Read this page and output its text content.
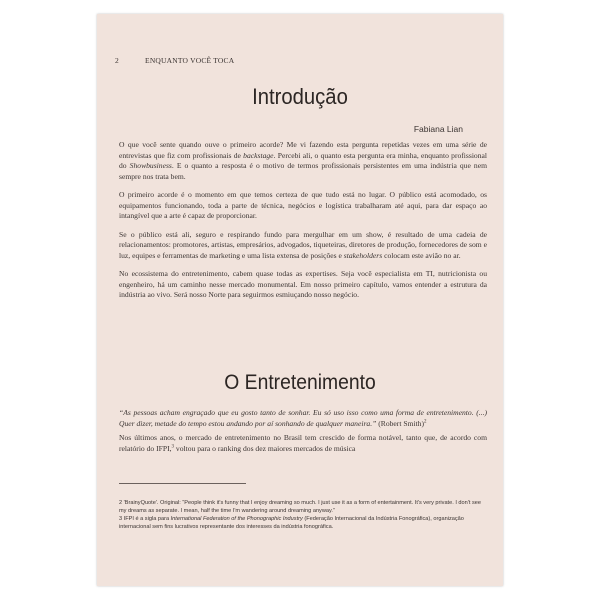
2	ENQUANTO VOCÊ TOCA
Introdução
Fabiana Lian

O que você sente quando ouve o primeiro acorde? Me vi fazendo esta pergunta repetidas vezes em uma série de entrevistas que fiz com profissionais de backstage. Percebi ali, o quanto esta pergunta era minha, enquanto profissional do Showbusiness. E o quanto a resposta é o motivo de termos profissionais persistentes em uma indústria que nem sempre nos trata bem.

O primeiro acorde é o momento em que temos certeza de que tudo está no lugar. O público está acomodado, os equipamentos funcionando, toda a parte de técnica, negócios e logística trabalharam até aqui, para dar espaço ao intangível que a arte é capaz de proporcionar.

Se o público está ali, seguro e respirando fundo para mergulhar em um show, é resultado de uma cadeia de relacionamentos: promotores, artistas, empresários, advogados, tiqueteiras, diretores de produção, fornecedores de som e luz, equipes e ferramentas de marketing e uma lista extensa de posições e stakeholders colocam este avião no ar.

No ecossistema do entretenimento, cabem quase todas as expertises. Seja você especialista em TI, nutricionista ou engenheiro, há um caminho nesse mercado monumental. Em nosso primeiro capítulo, vamos entender a estrutura da indústria ao vivo. Será nosso Norte para seguirmos esmiuçando nosso negócio.

O Entretenimento

“As pessoas acham engraçado que eu gosto tanto de sonhar. Eu só uso isso como uma forma de entretenimento. (...) Quer dizer, metade do tempo estou andando por aí sonhando de qualquer maneira.” (Robert Smith)$^2$

Nos últimos anos, o mercado de entretenimento no Brasil tem crescido de forma notável, tanto que, de acordo com relatório do IFPI,$^3$ voltou para o ranking dos dez maiores mercados de música

2 'BrainyQuote'. Original: “People think it's funny that I enjoy dreaming so much. I just use it as a form of entertainment. It's very private. I don't see my dreams as separate. I mean, half the time I'm wandering around dreaming anyway.”

3 IFPI é a sigla para International Federation of the Phonographic Industry (Federação Internacional da Indústria Fonográfica), organização internacional sem fins lucrativos representante dos interesses da indústria fonográfica.
